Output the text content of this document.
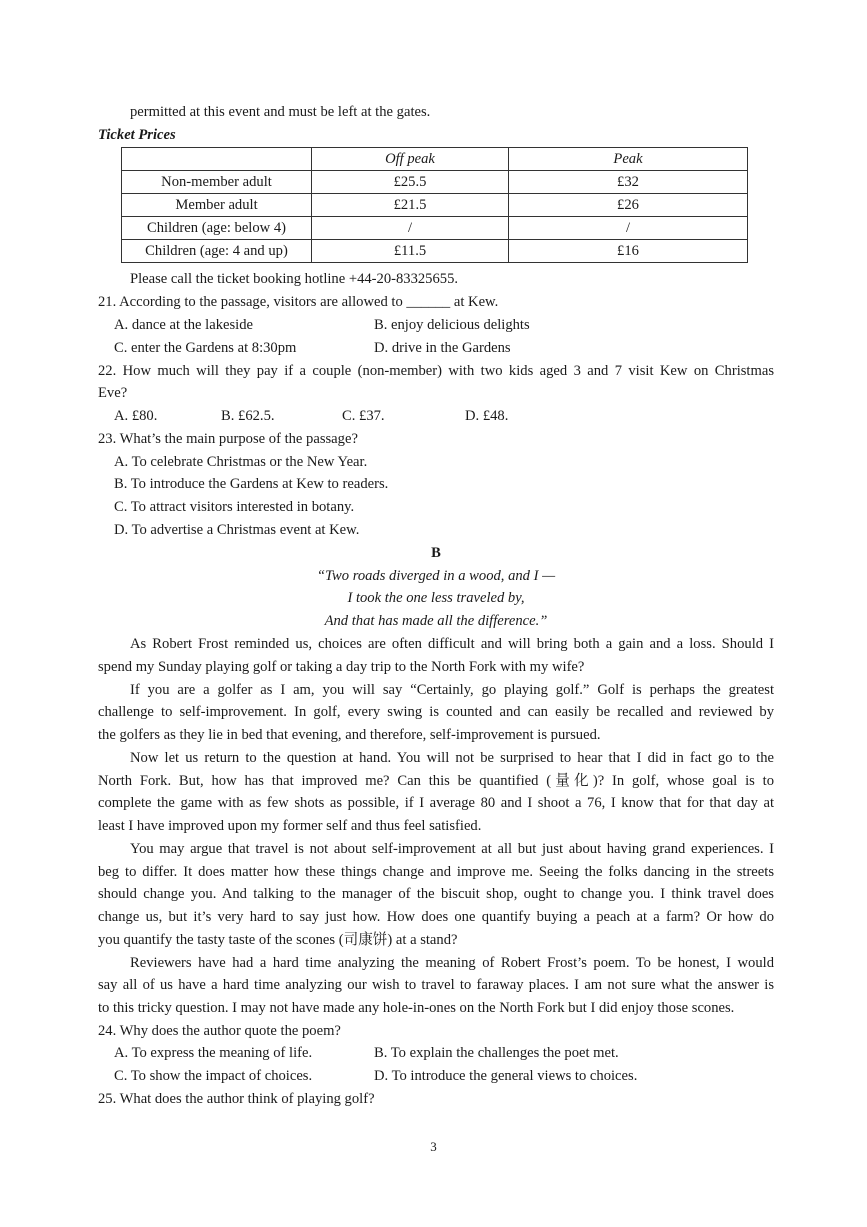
permitted at this event and must be left at the gates.
Ticket Prices
	Off peak	Peak
Non-member adult	£25.5	£32
Member adult	£21.5	£26
Children (age: below 4)	/	/
Children (age: 4 and up)	£11.5	£16
Please call the ticket booking hotline +44-20-83325655.
21. According to the passage, visitors are allowed to ______ at Kew.
A. dance at the lakeside	B. enjoy delicious delights
C. enter the Gardens at 8:30pm	D. drive in the Gardens
22. How much will they pay if a couple (non-member) with two kids aged 3 and 7 visit Kew on Christmas
Eve?
A. £80.	B. £62.5.	C. £37.	D. £48.
23. What’s the main purpose of the passage?
A. To celebrate Christmas or the New Year.
B. To introduce the Gardens at Kew to readers.
C. To attract visitors interested in botany.
D. To advertise a Christmas event at Kew.
B
“Two roads diverged in a wood, and I —
I took the one less traveled by,
And that has made all the difference.”
As Robert Frost reminded us, choices are often difficult and will bring both a gain and a loss. Should I
spend my Sunday playing golf or taking a day trip to the North Fork with my wife?
If you are a golfer as I am, you will say “Certainly, go playing golf.” Golf is perhaps the greatest
challenge to self-improvement. In golf, every swing is counted and can easily be recalled and reviewed by
the golfers as they lie in bed that evening, and therefore, self-improvement is pursued.
Now let us return to the question at hand. You will not be surprised to hear that I did in fact go to the
North Fork. But, how has that improved me? Can this be quantified (量化)? In golf, whose goal is to
complete the game with as few shots as possible, if I average 80 and I shoot a 76, I know that for that day at
least I have improved upon my former self and thus feel satisfied.
You may argue that travel is not about self-improvement at all but just about having grand experiences. I
beg to differ. It does matter how these things change and improve me. Seeing the folks dancing in the streets
should change you. And talking to the manager of the biscuit shop, ought to change you. I think travel does
change us, but it’s very hard to say just how. How does one quantify buying a peach at a farm? Or how do
you quantify the tasty taste of the scones (司康饼) at a stand?
Reviewers have had a hard time analyzing the meaning of Robert Frost’s poem. To be honest, I would
say all of us have a hard time analyzing our wish to travel to faraway places. I am not sure what the answer is
to this tricky question. I may not have made any hole-in-ones on the North Fork but I did enjoy those scones.
24. Why does the author quote the poem?
A. To express the meaning of life.	B. To explain the challenges the poet met.
C. To show the impact of choices.	D. To introduce the general views to choices.
25. What does the author think of playing golf?
3
